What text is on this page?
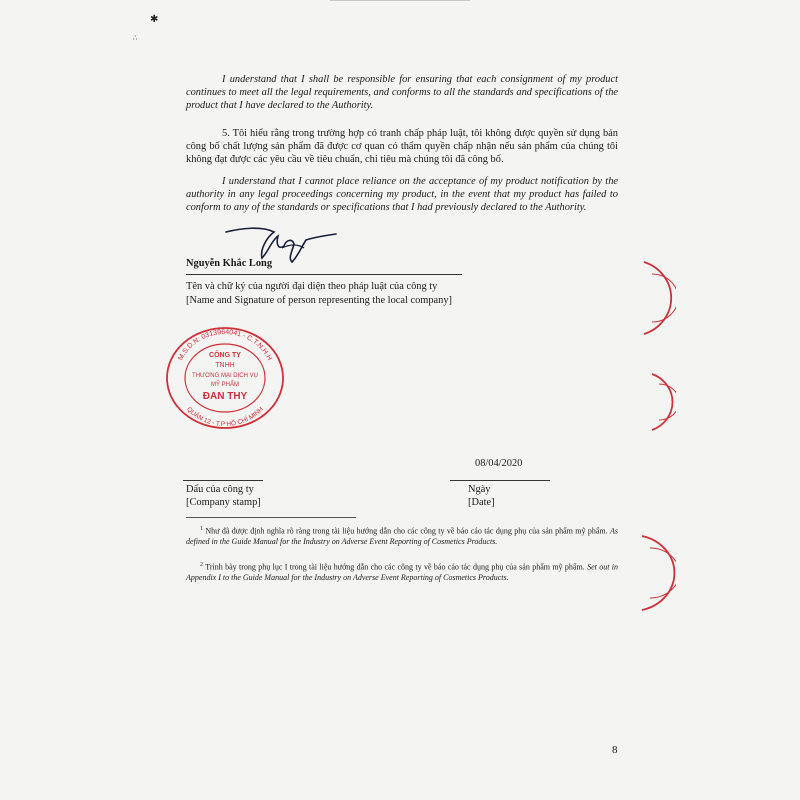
✱
∴

I understand that I shall be responsible for ensuring that each consignment of my product continues to meet all the legal requirements, and conforms to all the standards and specifications of the product that I have declared to the Authority.

5. Tôi hiểu rằng trong trường hợp có tranh chấp pháp luật, tôi không được quyền sử dụng bản công bố chất lượng sản phẩm đã được cơ quan có thẩm quyền chấp nhận nếu sản phẩm của chúng tôi không đạt được các yêu cầu về tiêu chuẩn, chỉ tiêu mà chúng tôi đã công bố.

I understand that I cannot place reliance on the acceptance of my product notification by the authority in any legal proceedings concerning my product, in the event that my product has failed to conform to any of the standards or specifications that I had previously declared to the Authority.

Nguyễn Khắc Long

Tên và chữ ký của người đại diện theo pháp luật của công ty

[Name and Signature of person representing the local company]

M.S.D.N: 0313964041 - C.T.N.H.H
QUẬN 12 - T.P HỒ CHÍ MINH
CÔNG TY
TNHH
THƯƠNG MẠI DỊCH VỤ
MỸ PHẨM
ĐAN THY

08/04/2020

Dấu của công ty

[Company stamp]

Ngày

[Date]

$^1$ Như đã được định nghĩa rõ ràng trong tài liệu hướng dẫn cho các công ty về báo cáo tác dụng phụ của sản phẩm mỹ phẩm. As defined in the Guide Manual for the Industry on Adverse Event Reporting of Cosmetics Products.

$^2$ Trình bày trong phụ lục I trong tài liệu hướng dẫn cho các công ty về báo cáo tác dụng phụ của sản phẩm mỹ phẩm. Set out in Appendix I to the Guide Manual for the Industry on Adverse Event Reporting of Cosmetics Products.

8
